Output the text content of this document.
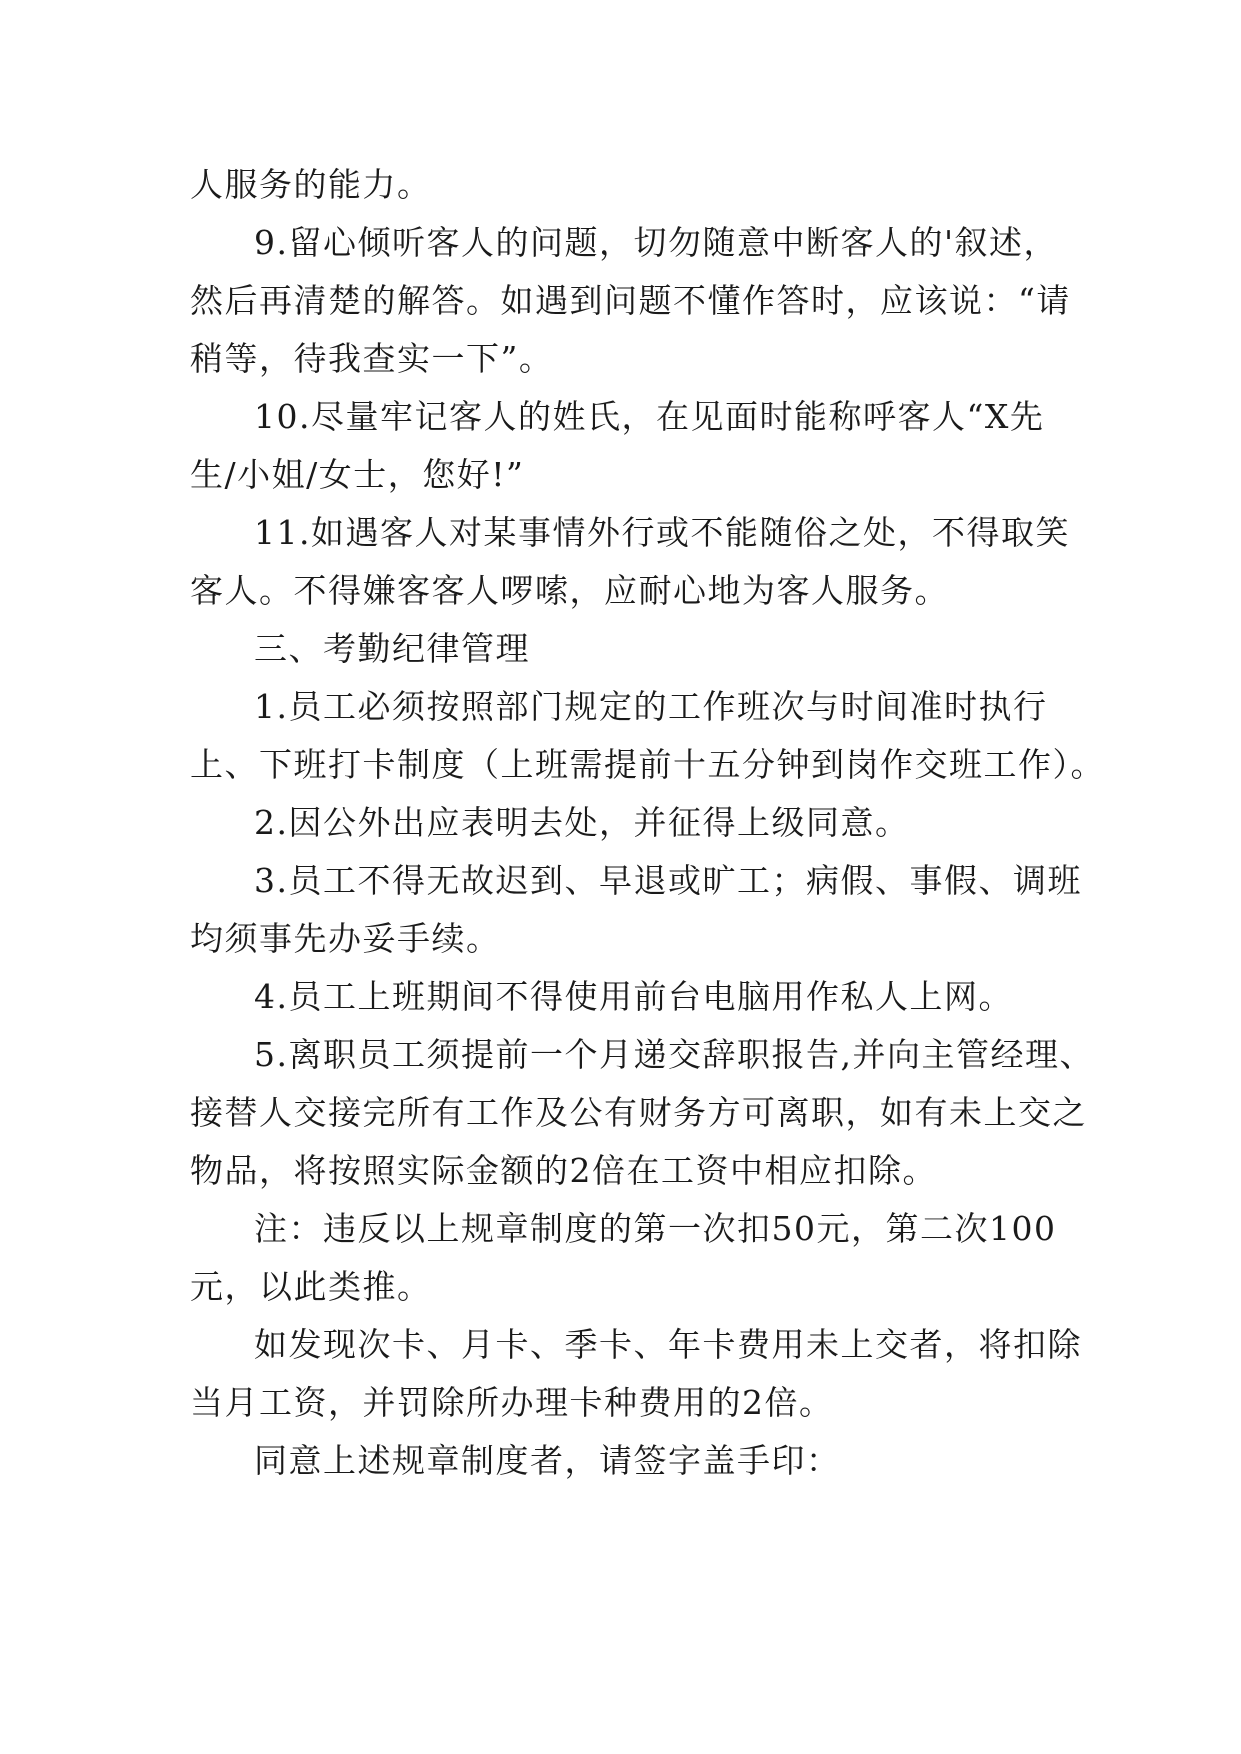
人服务的能力。
9.留心倾听客人的问题，切勿随意中断客人的'叙述，
然后再清楚的解答。如遇到问题不懂作答时，应该说：“请
稍等，待我查实一下”。
10.尽量牢记客人的姓氏，在见面时能称呼客人“X先
生/小姐/女士，您好!”
11.如遇客人对某事情外行或不能随俗之处，不得取笑
客人。不得嫌客客人啰嗦，应耐心地为客人服务。
三、考勤纪律管理
1.员工必须按照部门规定的工作班次与时间准时执行
上、下班打卡制度（上班需提前十五分钟到岗作交班工作）。
2.因公外出应表明去处，并征得上级同意。
3.员工不得无故迟到、早退或旷工；病假、事假、调班
均须事先办妥手续。
4.员工上班期间不得使用前台电脑用作私人上网。
5.离职员工须提前一个月递交辞职报告,并向主管经理、
接替人交接完所有工作及公有财务方可离职，如有未上交之
物品，将按照实际金额的2倍在工资中相应扣除。
注：违反以上规章制度的第一次扣50元，第二次100
元，以此类推。
如发现次卡、月卡、季卡、年卡费用未上交者，将扣除
当月工资，并罚除所办理卡种费用的2倍。
同意上述规章制度者，请签字盖手印：
